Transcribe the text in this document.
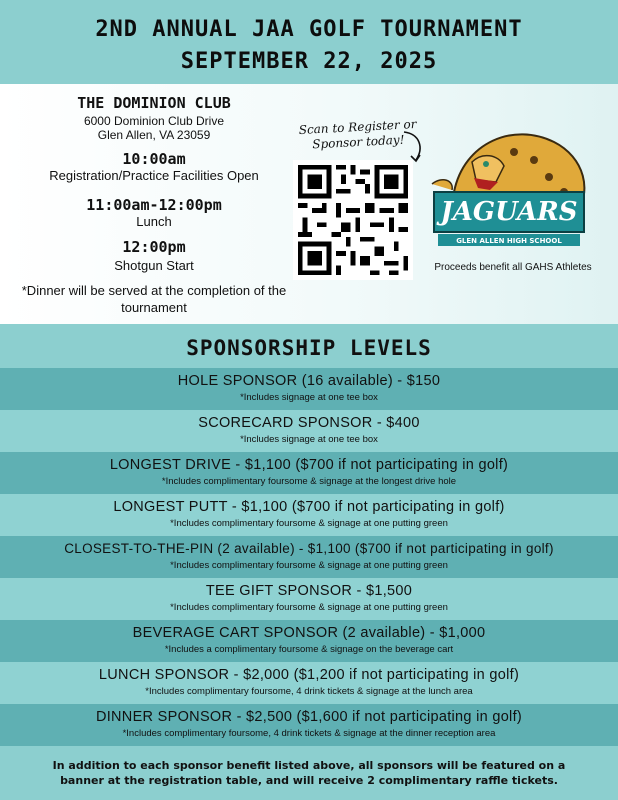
2ND ANNUAL JAA GOLF TOURNAMENT
SEPTEMBER 22, 2025
THE DOMINION CLUB
6000 Dominion Club Drive
Glen Allen, VA 23059
10:00am
Registration/Practice Facilities Open
11:00am-12:00pm
Lunch
12:00pm
Shotgun Start
*Dinner will be served at the completion of the tournament
Scan to Register or Sponsor today!
JAGUARS
GLEN ALLEN HIGH SCHOOL
Proceeds benefit all GAHS Athletes
SPONSORSHIP LEVELS
HOLE SPONSOR (16 available) - $150
*Includes signage at one tee box
SCORECARD SPONSOR - $400
*Includes signage at one tee box
LONGEST DRIVE - $1,100 ($700 if not participating in golf)
*Includes complimentary foursome & signage at the longest drive hole
LONGEST PUTT - $1,100 ($700 if not participating in golf)
*Includes complimentary foursome & signage at one putting green
CLOSEST-TO-THE-PIN (2 available) - $1,100 ($700 if not participating in golf)
*Includes complimentary foursome & signage at one putting green
TEE GIFT SPONSOR - $1,500
*Includes complimentary foursome & signage at one putting green
BEVERAGE CART SPONSOR (2 available) - $1,000
*Includes a complimentary foursome & signage on the beverage cart
LUNCH SPONSOR - $2,000 ($1,200 if not participating in golf)
*Includes complimentary foursome, 4 drink tickets & signage at the lunch area
DINNER SPONSOR - $2,500 ($1,600 if not participating in golf)
*Includes complimentary foursome, 4 drink tickets & signage at the dinner reception area
In addition to each sponsor benefit listed above, all sponsors will be featured on a banner at the registration table, and will receive 2 complimentary raffle tickets.
